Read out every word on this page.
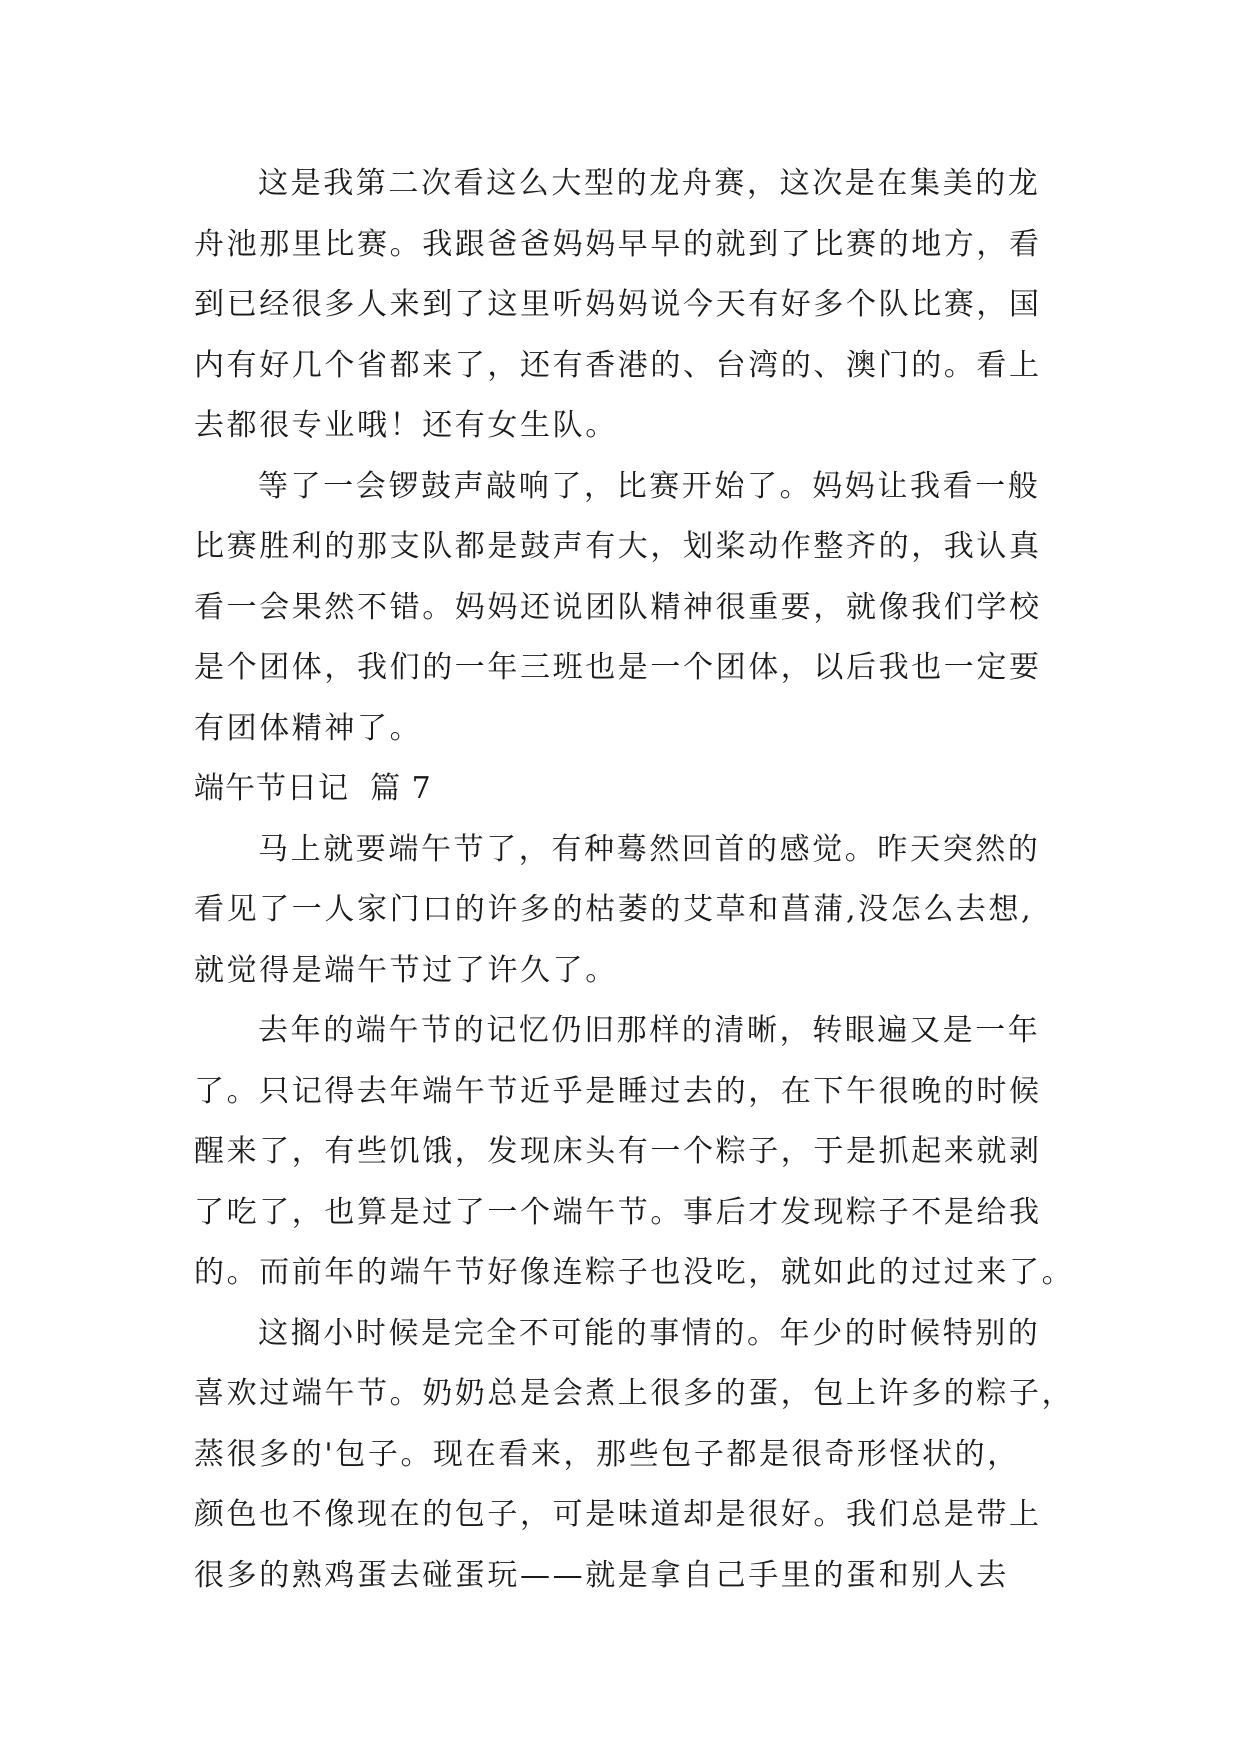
这是我第二次看这么大型的龙舟赛，这次是在集美的龙
舟池那里比赛。我跟爸爸妈妈早早的就到了比赛的地方，看
到已经很多人来到了这里听妈妈说今天有好多个队比赛，国
内有好几个省都来了，还有香港的、台湾的、澳门的。看上
去都很专业哦！还有女生队。
等了一会锣鼓声敲响了，比赛开始了。妈妈让我看一般
比赛胜利的那支队都是鼓声有大，划桨动作整齐的，我认真
看一会果然不错。妈妈还说团队精神很重要，就像我们学校
是个团体，我们的一年三班也是一个团体，以后我也一定要
有团体精神了。
端午节日记  篇 7
马上就要端午节了，有种蓦然回首的感觉。昨天突然的
看见了一人家门口的许多的枯萎的艾草和菖蒲,没怎么去想,
就觉得是端午节过了许久了。
去年的端午节的记忆仍旧那样的清晰，转眼遍又是一年
了。只记得去年端午节近乎是睡过去的，在下午很晚的时候
醒来了，有些饥饿，发现床头有一个粽子，于是抓起来就剥
了吃了，也算是过了一个端午节。事后才发现粽子不是给我
的。而前年的端午节好像连粽子也没吃，就如此的过过来了。
这搁小时候是完全不可能的事情的。年少的时候特别的
喜欢过端午节。奶奶总是会煮上很多的蛋，包上许多的粽子，
蒸很多的'包子。现在看来，那些包子都是很奇形怪状的，
颜色也不像现在的包子，可是味道却是很好。我们总是带上
很多的熟鸡蛋去碰蛋玩——就是拿自己手里的蛋和别人去
